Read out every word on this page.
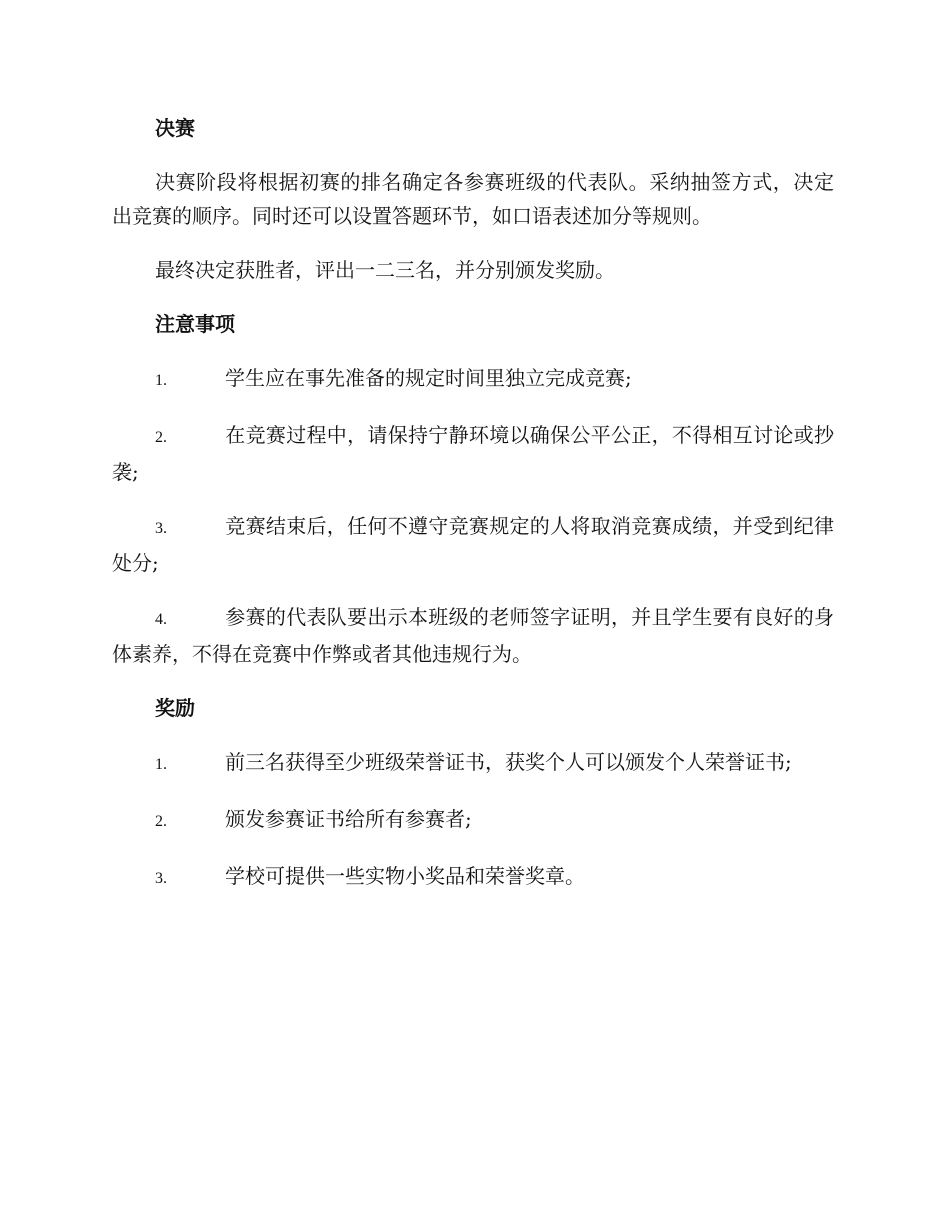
决赛

决赛阶段将根据初赛的排名确定各参赛班级的代表队。采纳抽签方式，决定出竞赛的顺序。同时还可以设置答题环节，如口语表述加分等规则。

最终决定获胜者，评出一二三名，并分别颁发奖励。

注意事项
1.	学生应在事先准备的规定时间里独立完成竞赛;
2.	在竞赛过程中，请保持宁静环境以确保公平公正，不得相互讨论或抄袭;
3.	竞赛结束后，任何不遵守竞赛规定的人将取消竞赛成绩，并受到纪律处分;
4.	参赛的代表队要出示本班级的老师签字证明，并且学生要有良好的身体素养，不得在竞赛中作弊或者其他违规行为。
奖励
1.	前三名获得至少班级荣誉证书，获奖个人可以颁发个人荣誉证书;
2.	颁发参赛证书给所有参赛者;
3.	学校可提供一些实物小奖品和荣誉奖章。
